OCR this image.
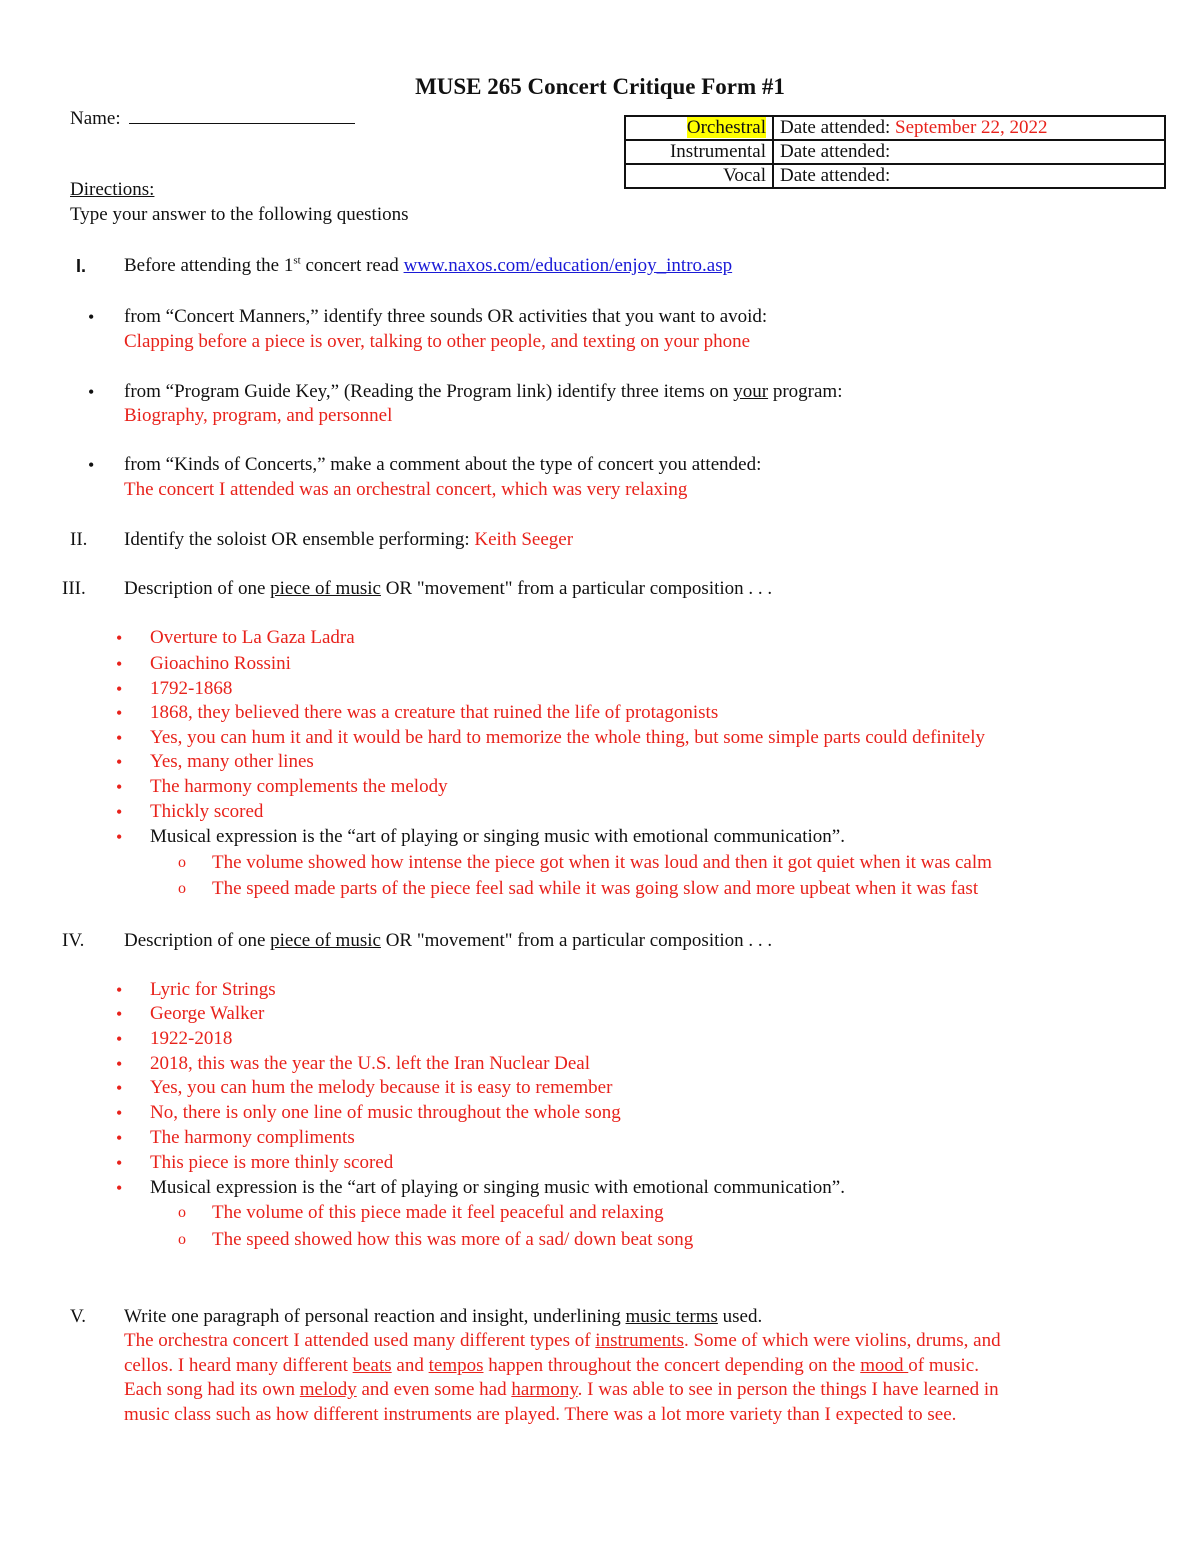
MUSE 265 Concert Critique Form #1
Name:	Orchestral	Date attended: September 22, 2022
Instrumental	Date attended:
Vocal	Date attended:
Directions:
Type your answer to the following questions
I. Before attending the 1st concert read www.naxos.com/education/enjoy_intro.asp
• from “Concert Manners,” identify three sounds OR activities that you want to avoid:
Clapping before a piece is over, talking to other people, and texting on your phone
• from “Program Guide Key,” (Reading the Program link) identify three items on your program:
Biography, program, and personnel
• from “Kinds of Concerts,” make a comment about the type of concert you attended:
The concert I attended was an orchestral concert, which was very relaxing
II. Identify the soloist OR ensemble performing: Keith Seeger
III. Description of one piece of music OR "movement" from a particular composition . . .
• Overture to La Gaza Ladra
• Gioachino Rossini
• 1792-1868
• 1868, they believed there was a creature that ruined the life of protagonists
• Yes, you can hum it and it would be hard to memorize the whole thing, but some simple parts could definitely
• Yes, many other lines
• The harmony complements the melody
• Thickly scored
• Musical expression is the “art of playing or singing music with emotional communication”.
o The volume showed how intense the piece got when it was loud and then it got quiet when it was calm
o The speed made parts of the piece feel sad while it was going slow and more upbeat when it was fast
IV. Description of one piece of music OR "movement" from a particular composition . . .
• Lyric for Strings
• George Walker
• 1922-2018
• 2018, this was the year the U.S. left the Iran Nuclear Deal
• Yes, you can hum the melody because it is easy to remember
• No, there is only one line of music throughout the whole song
• The harmony compliments
• This piece is more thinly scored
• Musical expression is the “art of playing or singing music with emotional communication”.
o The volume of this piece made it feel peaceful and relaxing
o The speed showed how this was more of a sad/ down beat song
V. Write one paragraph of personal reaction and insight, underlining music terms used.
The orchestra concert I attended used many different types of instruments. Some of which were violins, drums, and
cellos. I heard many different beats and tempos happen throughout the concert depending on the mood of music.
Each song had its own melody and even some had harmony. I was able to see in person the things I have learned in
music class such as how different instruments are played. There was a lot more variety than I expected to see.
